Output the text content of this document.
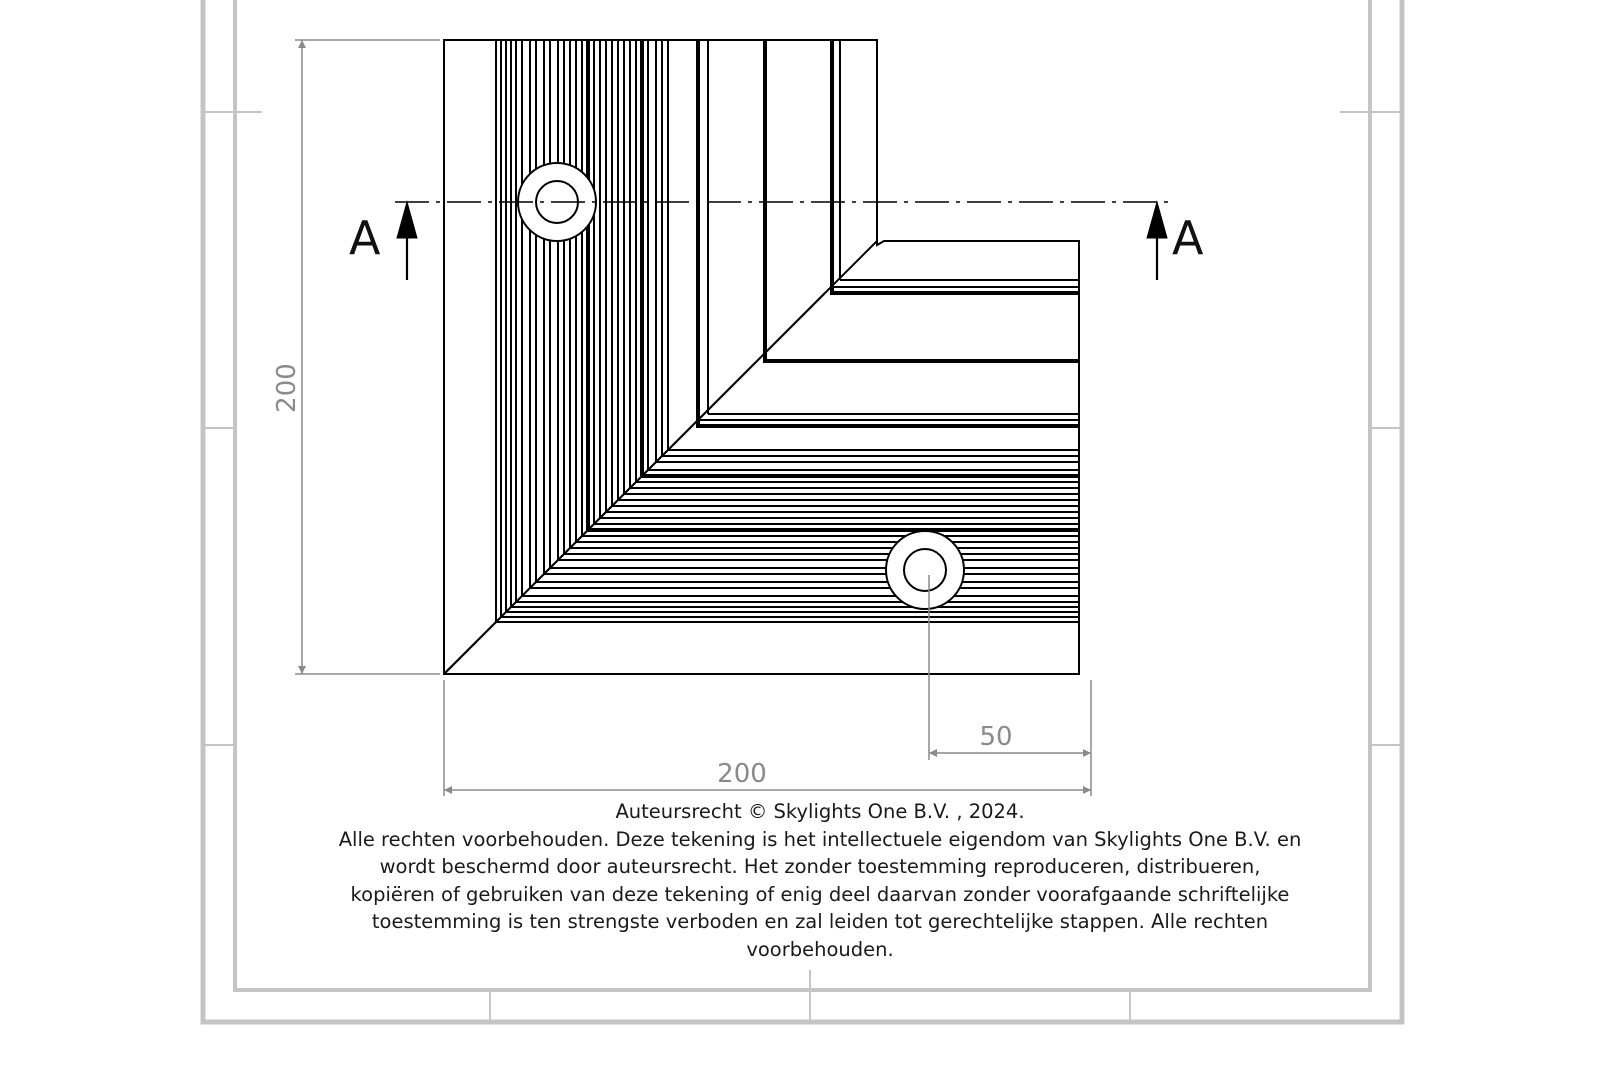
A	A
200
200
50
Auteursrecht © Skylights One B.V. , 2024.
Alle rechten voorbehouden. Deze tekening is het intellectuele eigendom van Skylights One B.V. en
wordt beschermd door auteursrecht. Het zonder toestemming reproduceren, distribueren,
kopiëren of gebruiken van deze tekening of enig deel daarvan zonder voorafgaande schriftelijke
toestemming is ten strengste verboden en zal leiden tot gerechtelijke stappen. Alle rechten
voorbehouden.
